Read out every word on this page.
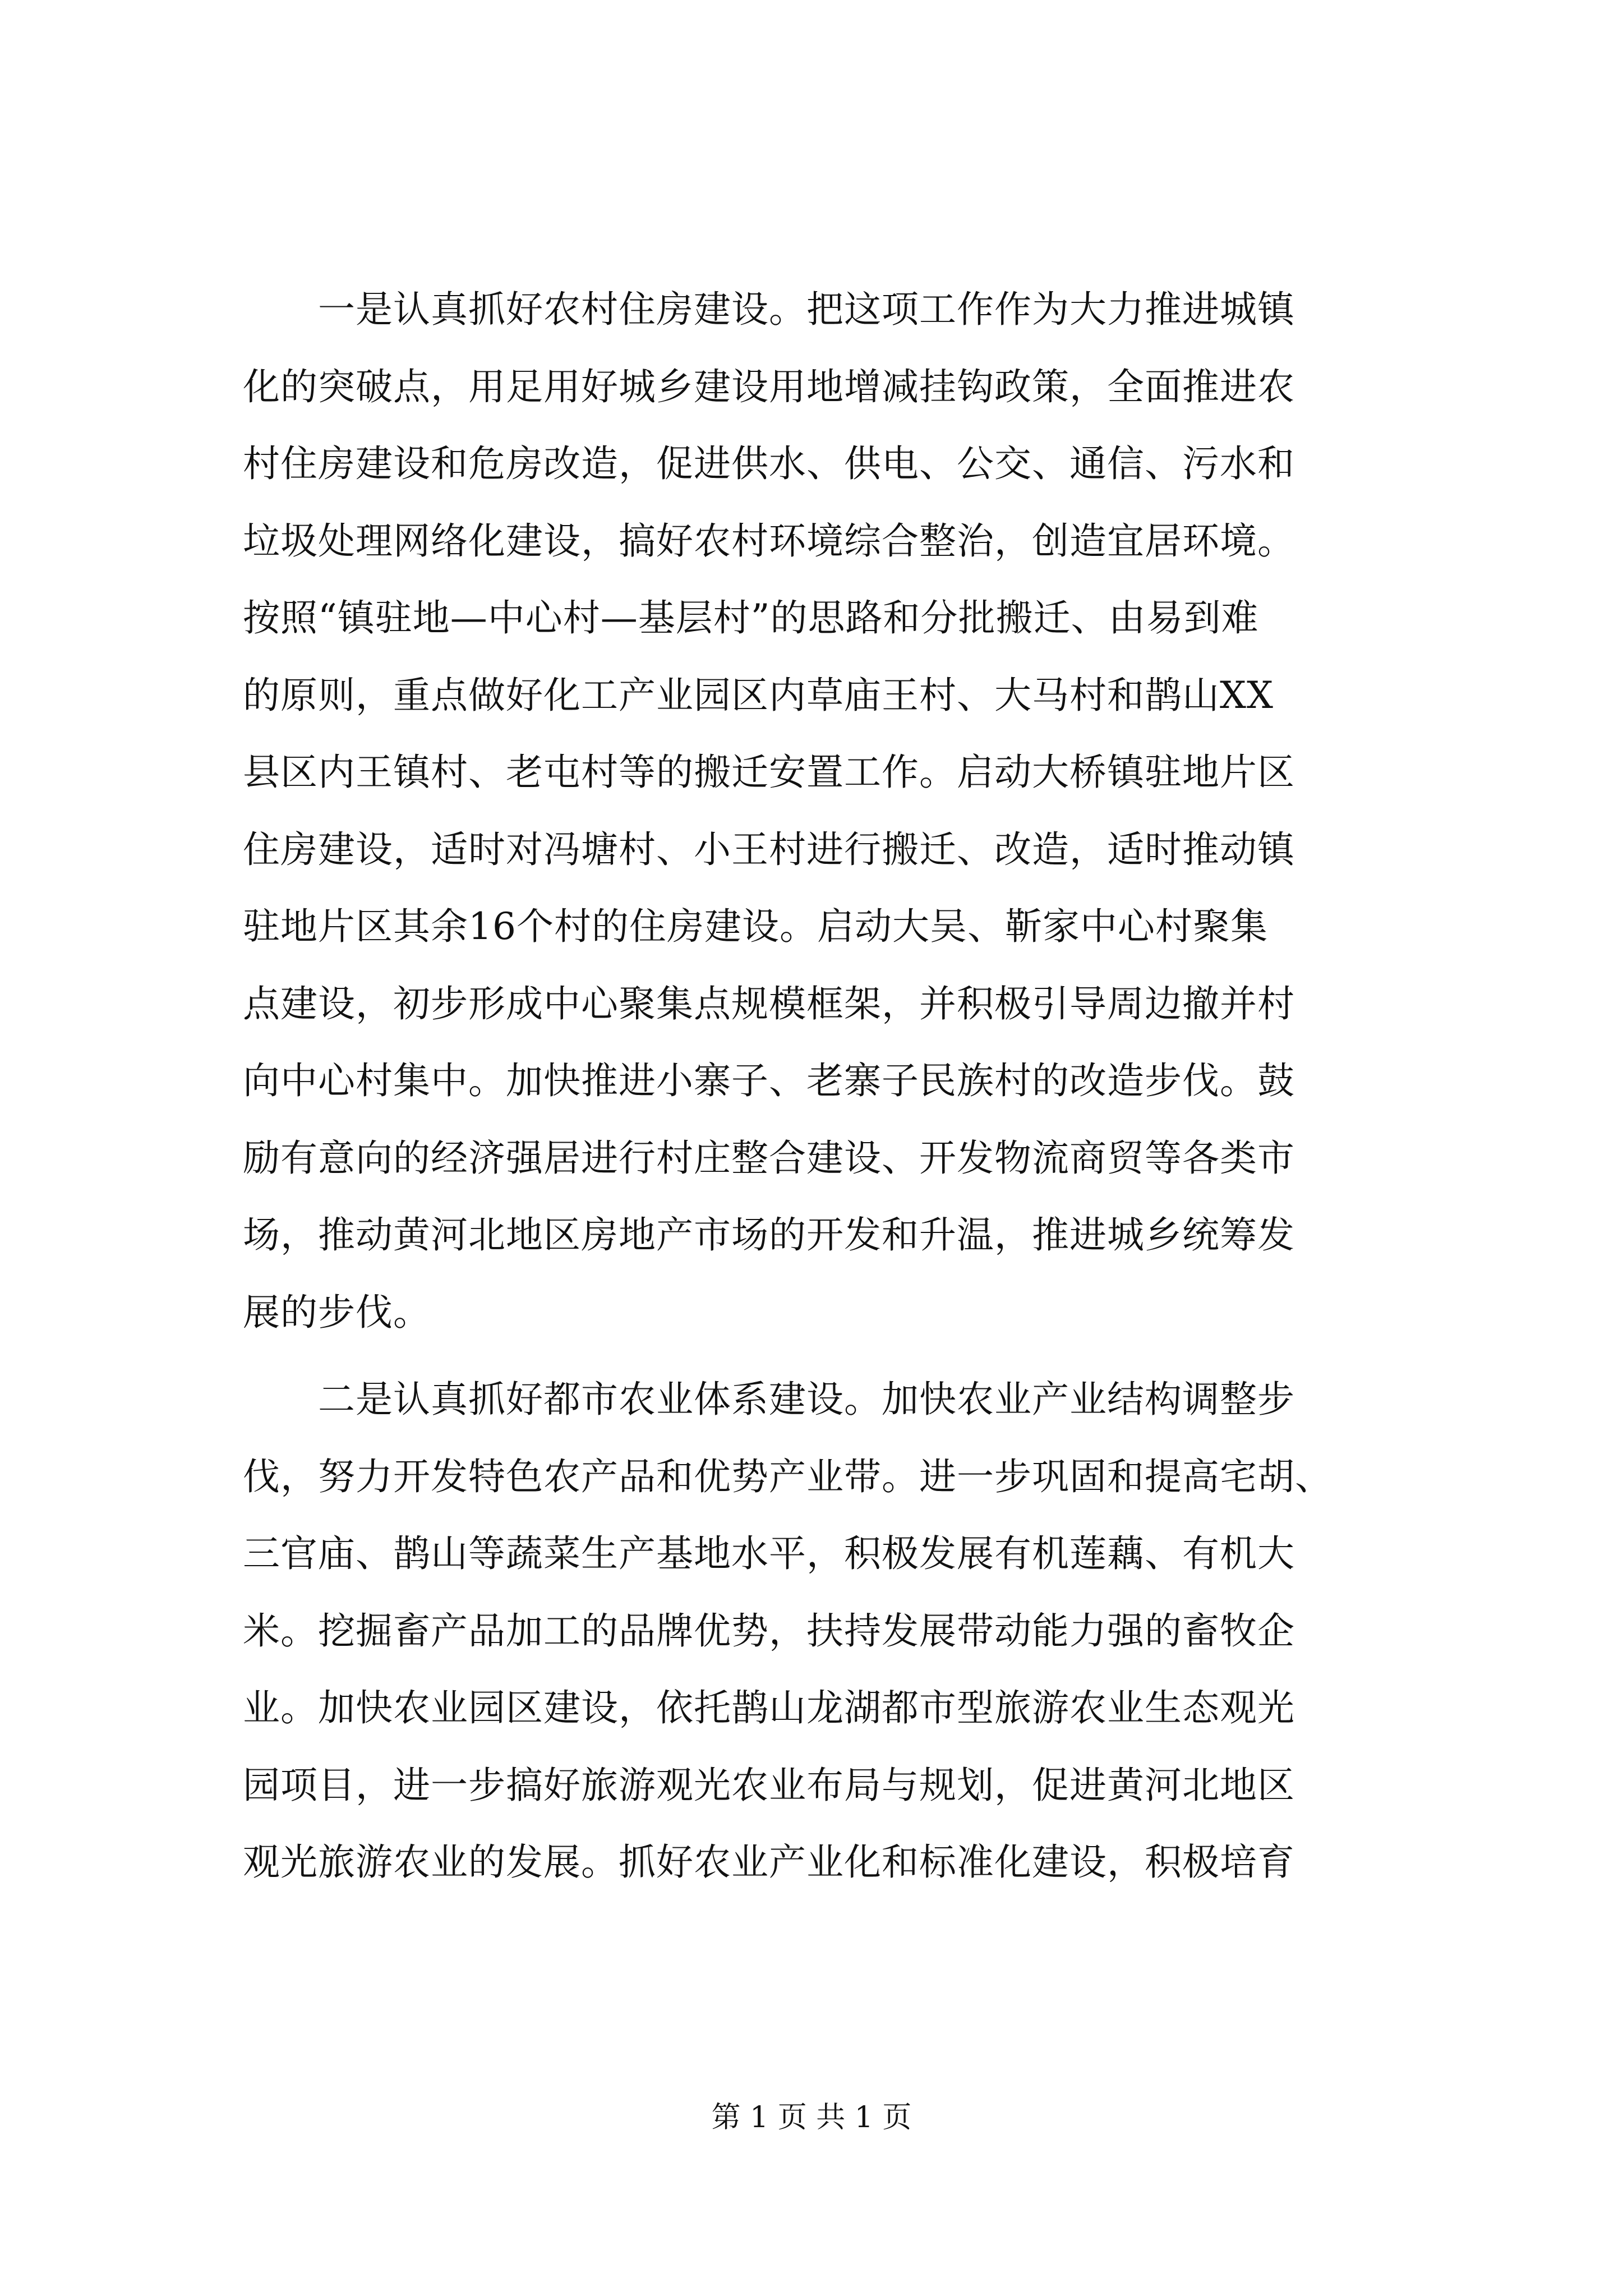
　　一是认真抓好农村住房建设。把这项工作作为大力推进城镇
化的突破点，用足用好城乡建设用地增减挂钩政策，全面推进农
村住房建设和危房改造，促进供水、供电、公交、通信、污水和
垃圾处理网络化建设，搞好农村环境综合整治，创造宜居环境。
按照“镇驻地—中心村—基层村”的思路和分批搬迁、由易到难
的原则，重点做好化工产业园区内草庙王村、大马村和鹊山XX
县区内王镇村、老屯村等的搬迁安置工作。启动大桥镇驻地片区
住房建设，适时对冯塘村、小王村进行搬迁、改造，适时推动镇
驻地片区其余16个村的住房建设。启动大吴、靳家中心村聚集
点建设，初步形成中心聚集点规模框架，并积极引导周边撤并村
向中心村集中。加快推进小寨子、老寨子民族村的改造步伐。鼓
励有意向的经济强居进行村庄整合建设、开发物流商贸等各类市
场，推动黄河北地区房地产市场的开发和升温，推进城乡统筹发
展的步伐。
　　二是认真抓好都市农业体系建设。加快农业产业结构调整步
伐，努力开发特色农产品和优势产业带。进一步巩固和提高宅胡、
三官庙、鹊山等蔬菜生产基地水平，积极发展有机莲藕、有机大
米。挖掘畜产品加工的品牌优势，扶持发展带动能力强的畜牧企
业。加快农业园区建设，依托鹊山龙湖都市型旅游农业生态观光
园项目，进一步搞好旅游观光农业布局与规划，促进黄河北地区
观光旅游农业的发展。抓好农业产业化和标准化建设，积极培育
第 1 页 共 1 页
